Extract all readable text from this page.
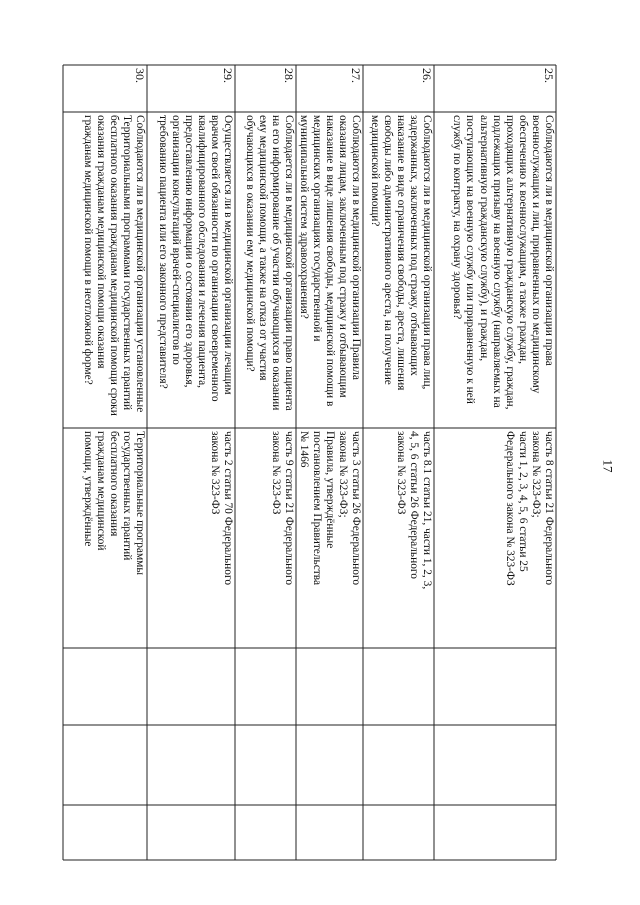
17
25.
Соблюдаются ли в медицинской организации права
военнослужащих и лиц, приравненных по медицинскому
обеспечению к военнослужащим, а также граждан,
проходящих альтернативную гражданскую службу, граждан,
подлежащих призыву на военную службу (направляемых на
альтернативную гражданскую службу), и граждан,
поступающих на военную службу или приравненную к ней
службу по контракту, на охрану здоровья?
часть 8 статьи 21 Федерального
закона № 323-ФЗ;
части 1, 2, 3, 4, 5, 6 статьи 25
Федерального закона № 323-ФЗ
26.
Соблюдаются ли в медицинской организации права лиц,
задержанных, заключенных под стражу, отбывающих
наказание в виде ограничения свободы, ареста, лишения
свободы либо административного ареста, на получение
медицинской помощи?
часть 8.1 статьи 21, части 1, 2, 3,
4, 5, 6 статьи 26 Федерального
закона № 323-ФЗ
27.
Соблюдаются ли в медицинской организации Правила
оказания лицам, заключенным под стражу и отбывающим
наказание в виде лишения свободы, медицинской помощи в
медицинских организациях государственной и
муниципальной систем здравоохранения?
часть 3 статьи 26 Федерального
закона № 323-ФЗ;
Правила, утверждённые
постановлением Правительства
№ 1466
28.
Соблюдается ли в медицинской организации право пациента
на его информирование об участии обучающихся в оказании
ему медицинской помощи, а также на отказ от участия
обучающихся в оказании ему медицинской помощи?
часть 9 статьи 21 Федерального
закона № 323-ФЗ
29.
Осуществляется ли в медицинской организации лечащим
врачом своей обязанности по организации своевременного
квалифицированного обследования и лечения пациента,
предоставлению информации о состоянии его здоровья,
организации консультаций врачей-специалистов по
требованию пациента или его законного представителя?
часть 2 статьи 70 Федерального
закона № 323-ФЗ
30.
Соблюдаются ли в медицинской организации установленные
Территориальными программами государственных гарантий
бесплатного оказания гражданам медицинской помощи сроки
оказания гражданам медицинской помощи оказания
гражданам медицинской помощи в неотложной форме?
Территориальные программы
государственных гарантий
бесплатного оказания
гражданам медицинской
помощи, утверждённые
